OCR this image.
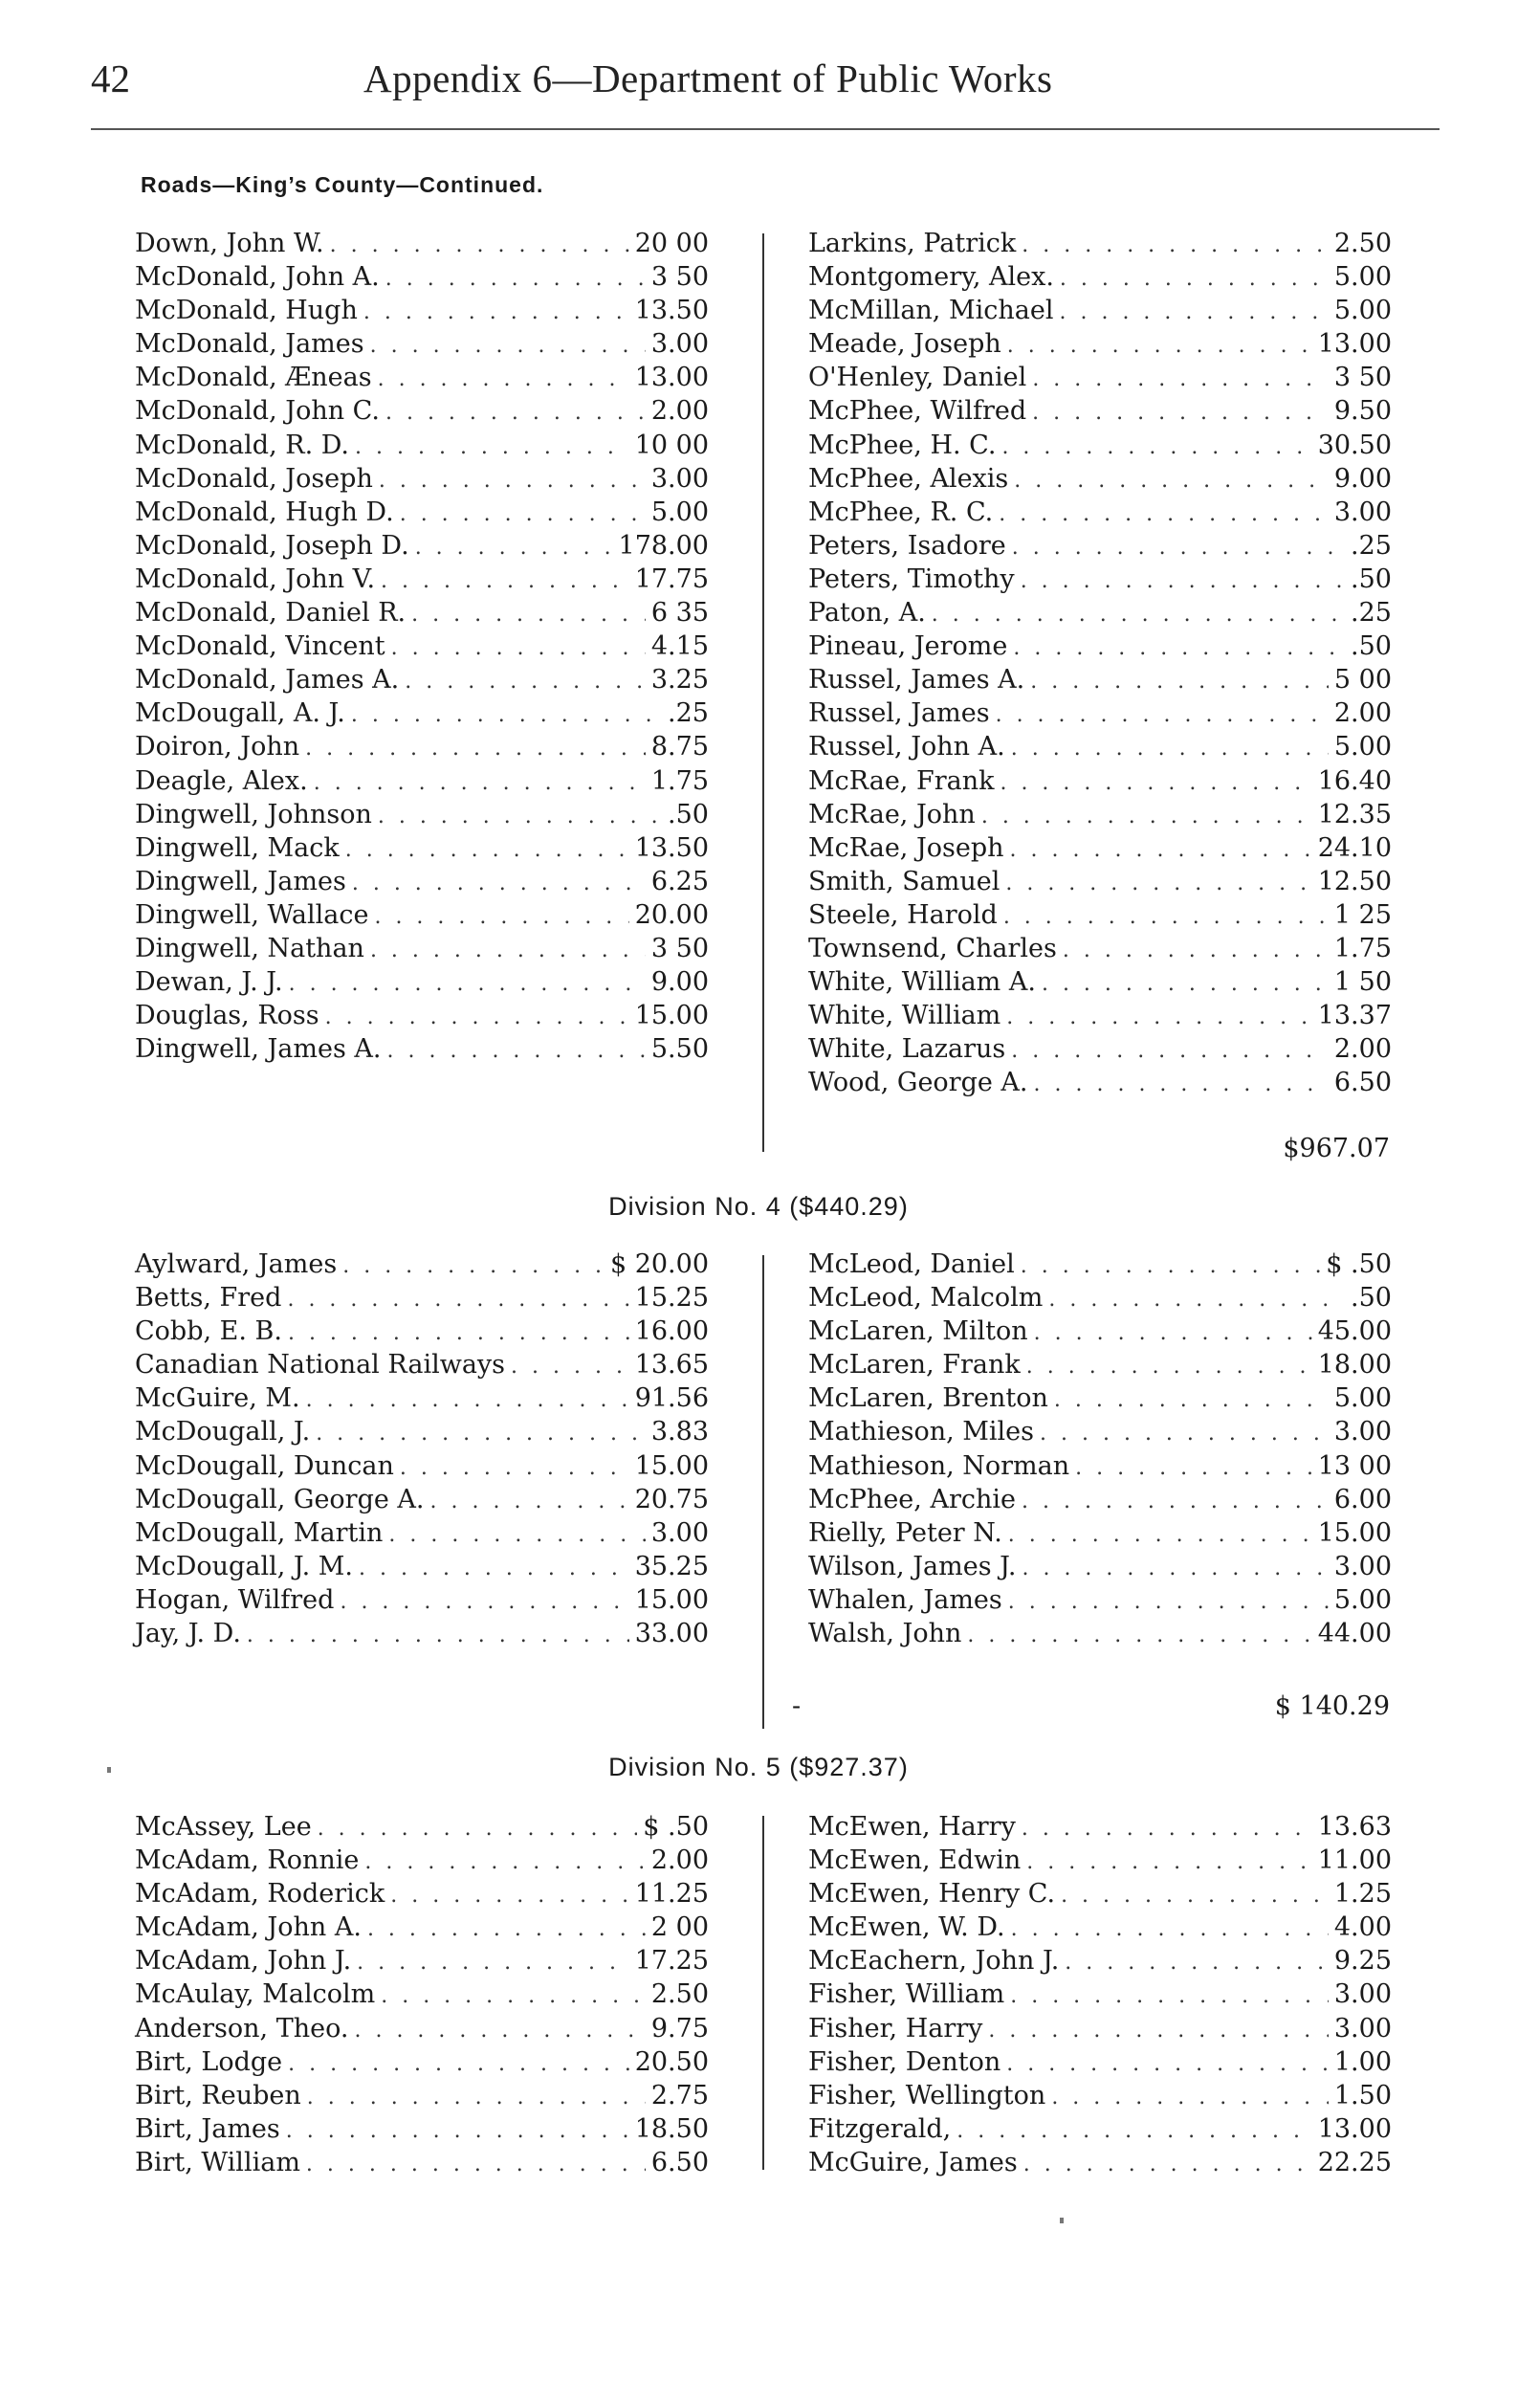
42	Appendix 6—Department of Public Works
Roads—King’s County—Continued.
Down, John W. . . .	20 00
McDonald, John A. . . .	3 50
McDonald, Hugh . . .	13.50
McDonald, James . . .	3.00
McDonald, Æneas . . .	13.00
McDonald, John C. . . .	2.00
McDonald, R. D. . . .	10 00
McDonald, Joseph . . .	3.00
McDonald, Hugh D. . . .	5.00
McDonald, Joseph D. . . .	178.00
McDonald, John V. . . .	17.75
McDonald, Daniel R. . . .	6 35
McDonald, Vincent . . .	4.15
McDonald, James A. . . .	3.25
McDougall, A. J. . . .	.25
Doiron, John . . .	8.75
Deagle, Alex. . . .	1.75
Dingwell, Johnson . . .	.50
Dingwell, Mack . . .	13.50
Dingwell, James . . .	6.25
Dingwell, Wallace . . .	20.00
Dingwell, Nathan . . .	3 50
Dewan, J. J. . . .	9.00
Douglas, Ross . . .	15.00
Dingwell, James A. . . .	5.50
Larkins, Patrick . . .	2.50
Montgomery, Alex. . . .	5.00
McMillan, Michael . . .	5.00
Meade, Joseph . . .	13.00
O'Henley, Daniel . . .	3 50
McPhee, Wilfred . . .	9.50
McPhee, H. C. . . .	30.50
McPhee, Alexis . . .	9.00
McPhee, R. C. . . .	3.00
Peters, Isadore . . .	.25
Peters, Timothy . . .	.50
Paton, A. . . .	.25
Pineau, Jerome . . .	.50
Russel, James A. . . .	5 00
Russel, James . . .	2.00
Russel, John A. . . .	5.00
McRae, Frank . . .	16.40
McRae, John . . .	12.35
McRae, Joseph . . .	24.10
Smith, Samuel . . .	12.50
Steele, Harold . . .	1 25
Townsend, Charles . . .	1.75
White, William A. . . .	1 50
White, William . . .	13.37
White, Lazarus . . .	2.00
Wood, George A. . . .	6.50
$967.07
Division No. 4 ($440.29)
Aylward, James . . .	$ 20.00
Betts, Fred . . .	15.25
Cobb, E. B. . . .	16.00
Canadian National Railways . . .	13.65
McGuire, M. . . .	91.56
McDougall, J. . . .	3.83
McDougall, Duncan . . .	15.00
McDougall, George A. . . .	20.75
McDougall, Martin . . .	3.00
McDougall, J. M. . . .	35.25
Hogan, Wilfred . . .	15.00
Jay, J. D. . . .	33.00
McLeod, Daniel . . .	$ .50
McLeod, Malcolm . . .	.50
McLaren, Milton . . .	45.00
McLaren, Frank . . .	18.00
McLaren, Brenton . . .	5.00
Mathieson, Miles . . .	3.00
Mathieson, Norman . . .	13 00
McPhee, Archie . . .	6.00
Rielly, Peter N. . . .	15.00
Wilson, James J. . . .	3.00
Whalen, James . . .	5.00
Walsh, John . . .	44.00
-	$ 140.29
Division No. 5 ($927.37)
McAssey, Lee . . .	$ .50
McAdam, Ronnie . . .	2.00
McAdam, Roderick . . .	11.25
McAdam, John A. . . .	2 00
McAdam, John J. . . .	17.25
McAulay, Malcolm . . .	2.50
Anderson, Theo. . . .	9.75
Birt, Lodge . . .	20.50
Birt, Reuben . . .	2.75
Birt, James . . .	18.50
Birt, William . . .	6.50
McEwen, Harry . . .	13.63
McEwen, Edwin . . .	11.00
McEwen, Henry C. . . .	1.25
McEwen, W. D. . . .	4.00
McEachern, John J. . . .	9.25
Fisher, William . . .	3.00
Fisher, Harry . . .	3.00
Fisher, Denton . . .	1.00
Fisher, Wellington . . .	1.50
Fitzgerald, . . .	13.00
McGuire, James . . .	22.25
